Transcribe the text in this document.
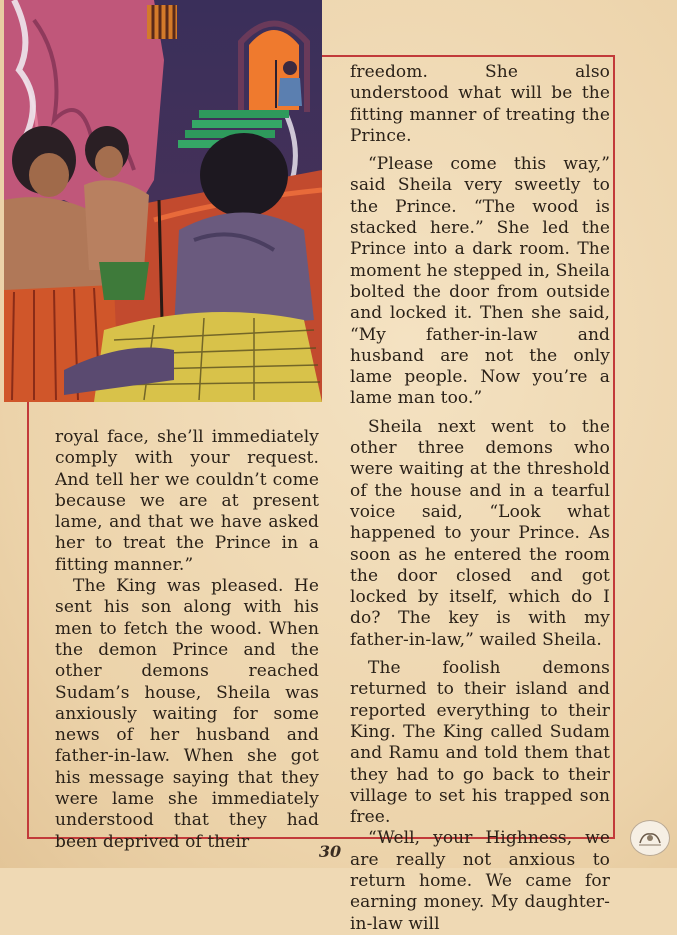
freedom. She also understood what will be the fitting manner of treating the Prince.

“Please come this way,” said Sheila very sweetly to the Prince. “The wood is stacked here.” She led the Prince into a dark room. The moment he stepped in, Sheila bolted the door from outside and locked it. Then she said, “My father-in-law and husband are not the only lame people. Now you’re a lame man too.”

Sheila next went to the other three demons who were waiting at the threshold of the house and in a tearful voice said, “Look what happened to your Prince. As soon as he entered the room the door closed and got locked by itself, which do I do? The key is with my father-in-law,” wailed Sheila.

The foolish demons returned to their island and reported everything to their King. The King called Sudam and Ramu and told them that they had to go back to their village to set his trapped son free.

“Well, your Highness, we are really not anxious to return home. We came for earning money. My daughter-in-law will

royal face, she’ll immediately comply with your request. And tell her we couldn’t come because we are at present lame, and that we have asked her to treat the Prince in a fitting manner.”

The King was pleased. He sent his son along with his men to fetch the wood. When the demon Prince and the other demons reached Sudam’s house, Sheila was anxiously waiting for some news of her husband and father-in-law. When she got his message saying that they were lame she immediately understood that they had been deprived of their	30
